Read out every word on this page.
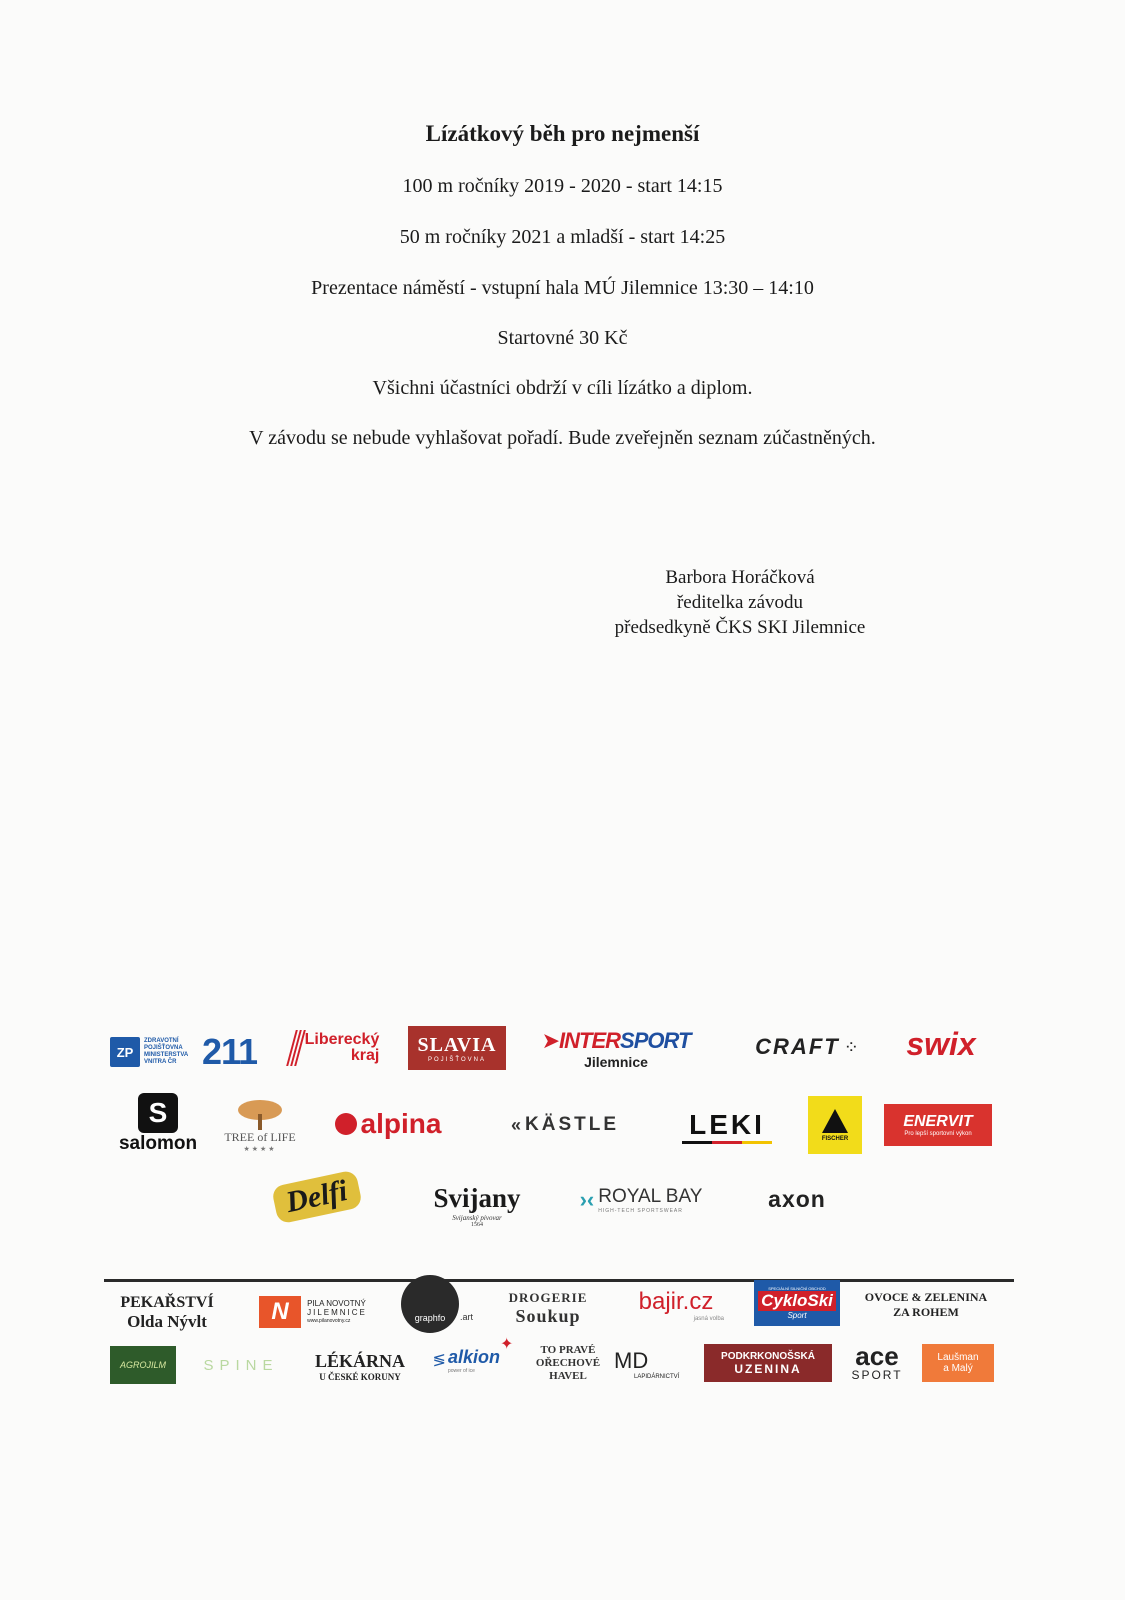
Lízátkový běh pro nejmenší
100 m ročníky 2019 - 2020 - start 14:15
50 m ročníky 2021 a mladší - start 14:25
Prezentace náměstí - vstupní hala MÚ Jilemnice 13:30 – 14:10
Startovné 30 Kč
Všichni účastníci obdrží v cíli lízátko a diplom.
V závodu se nebude vyhlašovat pořadí. Bude zveřejněn seznam zúčastněných.
Barbora Horáčková
ředitelka závodu
předsedkyně ČKS SKI Jilemnice
ZP
ZDRAVOTNÍ POJIŠŤOVNA MINISTERSTVA VNITRA ČR 211	Liberecký
kraj SLAVIA
POJIŠŤOVNA
➤INTERSPORT
Jilemnice
CRAFT ⁘ swix
S
salomon TREE of LIFE
★★★★
alpina	« KÄSTLE	LEKI	FISCHER
ENERVIT
Pro lepší sportovní výkon
Delfi	Svijany
Svijanský pivovar
1564
›‹ ROYAL BAY
HIGH-TECH SPORTSWEAR	axon
PEKAŘSTVÍ
Olda Nývlt	N	PILA NOVOTNÝ
JILEMNICE
www.pilanovotny.cz	graphfo	.art
DROGERIE
Soukup
bajir.cz
jasná volba
SPECIÁLNÍ SILNIČNÍ OBCHOD
CykloSki
Sport
OVOCE & ZELENINA
ZA ROHEM
AGROJILM SPINE LÉKÁRNA
U ČESKÉ KORUNY
≶ alkion
power of ice
✦ TO PRAVÉ
OŘECHOVÉ
HAVEL
MD
LAPIDÁRNICTVÍ
PODKRKONOŠSKÁ
UZENINA ace
SPORT
Laušman
a Malý
